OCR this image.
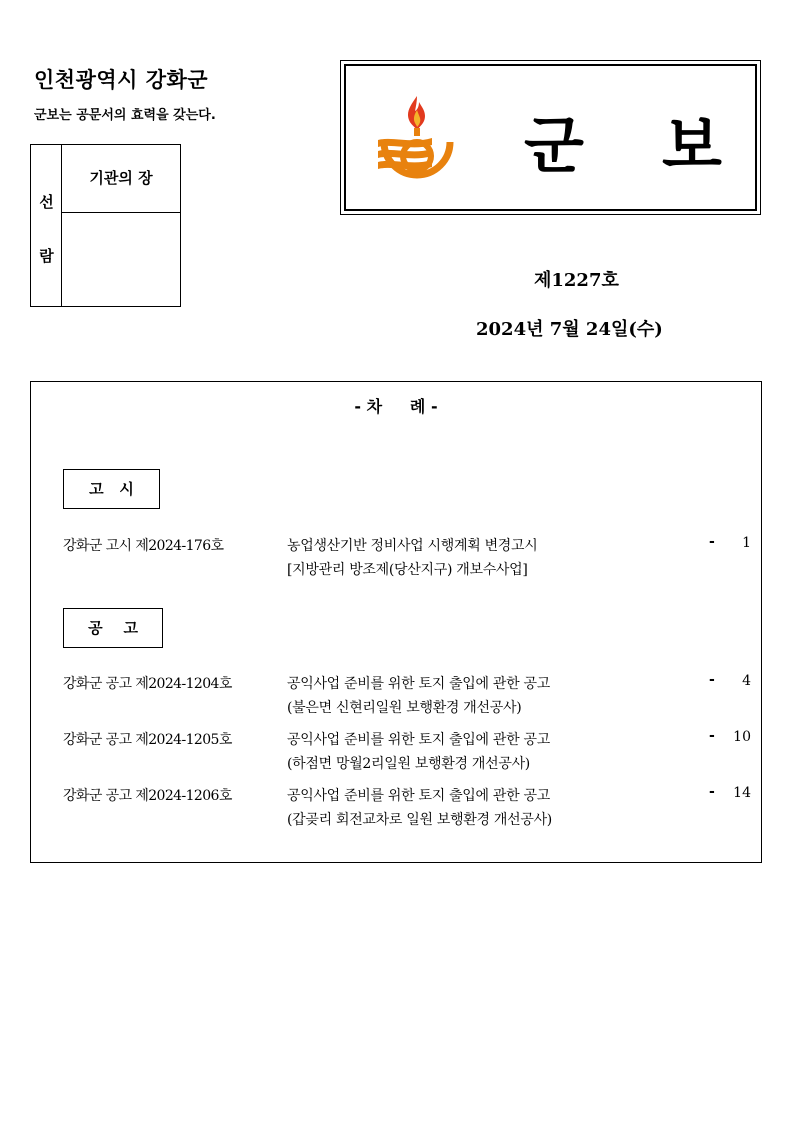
인천광역시 강화군
군보는 공문서의 효력을 갖는다.
선
람
기관의 장	군 보
제1227호
2024년 7월 24일(수)
- 차     례 -
고   시
강화군 고시 제2024-176호	농업생산기반 정비사업 시행계획 변경고시
[지방관리 방조제(당산지구) 개보수사업]
-	1
공    고
강화군 공고 제2024-1204호	공익사업 준비를 위한 토지 출입에 관한 공고
(불은면 신현리일원 보행환경 개선공사)
-	4
강화군 공고 제2024-1205호	공익사업 준비를 위한 토지 출입에 관한 공고
(하점면 망월2리일원 보행환경 개선공사)
-	10
강화군 공고 제2024-1206호	공익사업 준비를 위한 토지 출입에 관한 공고
(갑곶리 회전교차로 일원 보행환경 개선공사)
-	14
